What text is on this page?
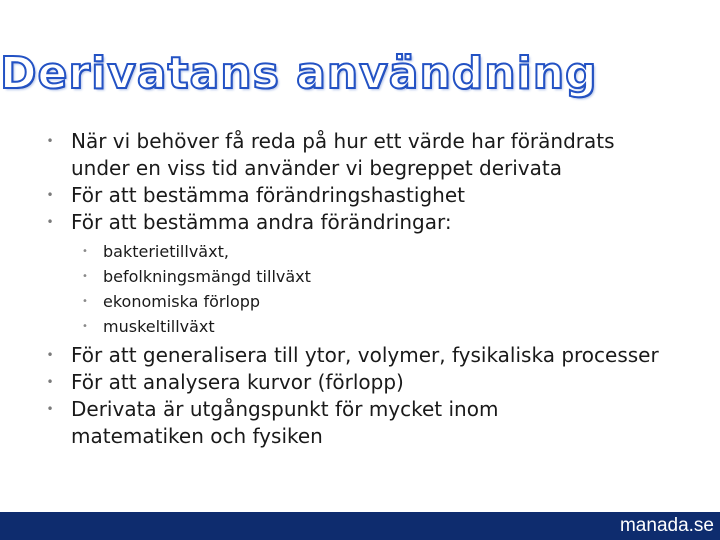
Derivatans användning
• När vi behöver få reda på hur ett värde har förändrats under en viss tid använder vi begreppet derivata
• För att bestämma förändringshastighet
• För att bestämma andra förändringar:
• bakterietillväxt,
• befolkningsmängd tillväxt
• ekonomiska förlopp
• muskeltillväxt
• För att generalisera till ytor, volymer, fysikaliska processer
• För att analysera kurvor (förlopp)
• Derivata är utgångspunkt för mycket inom matematiken och fysiken
manada.se
